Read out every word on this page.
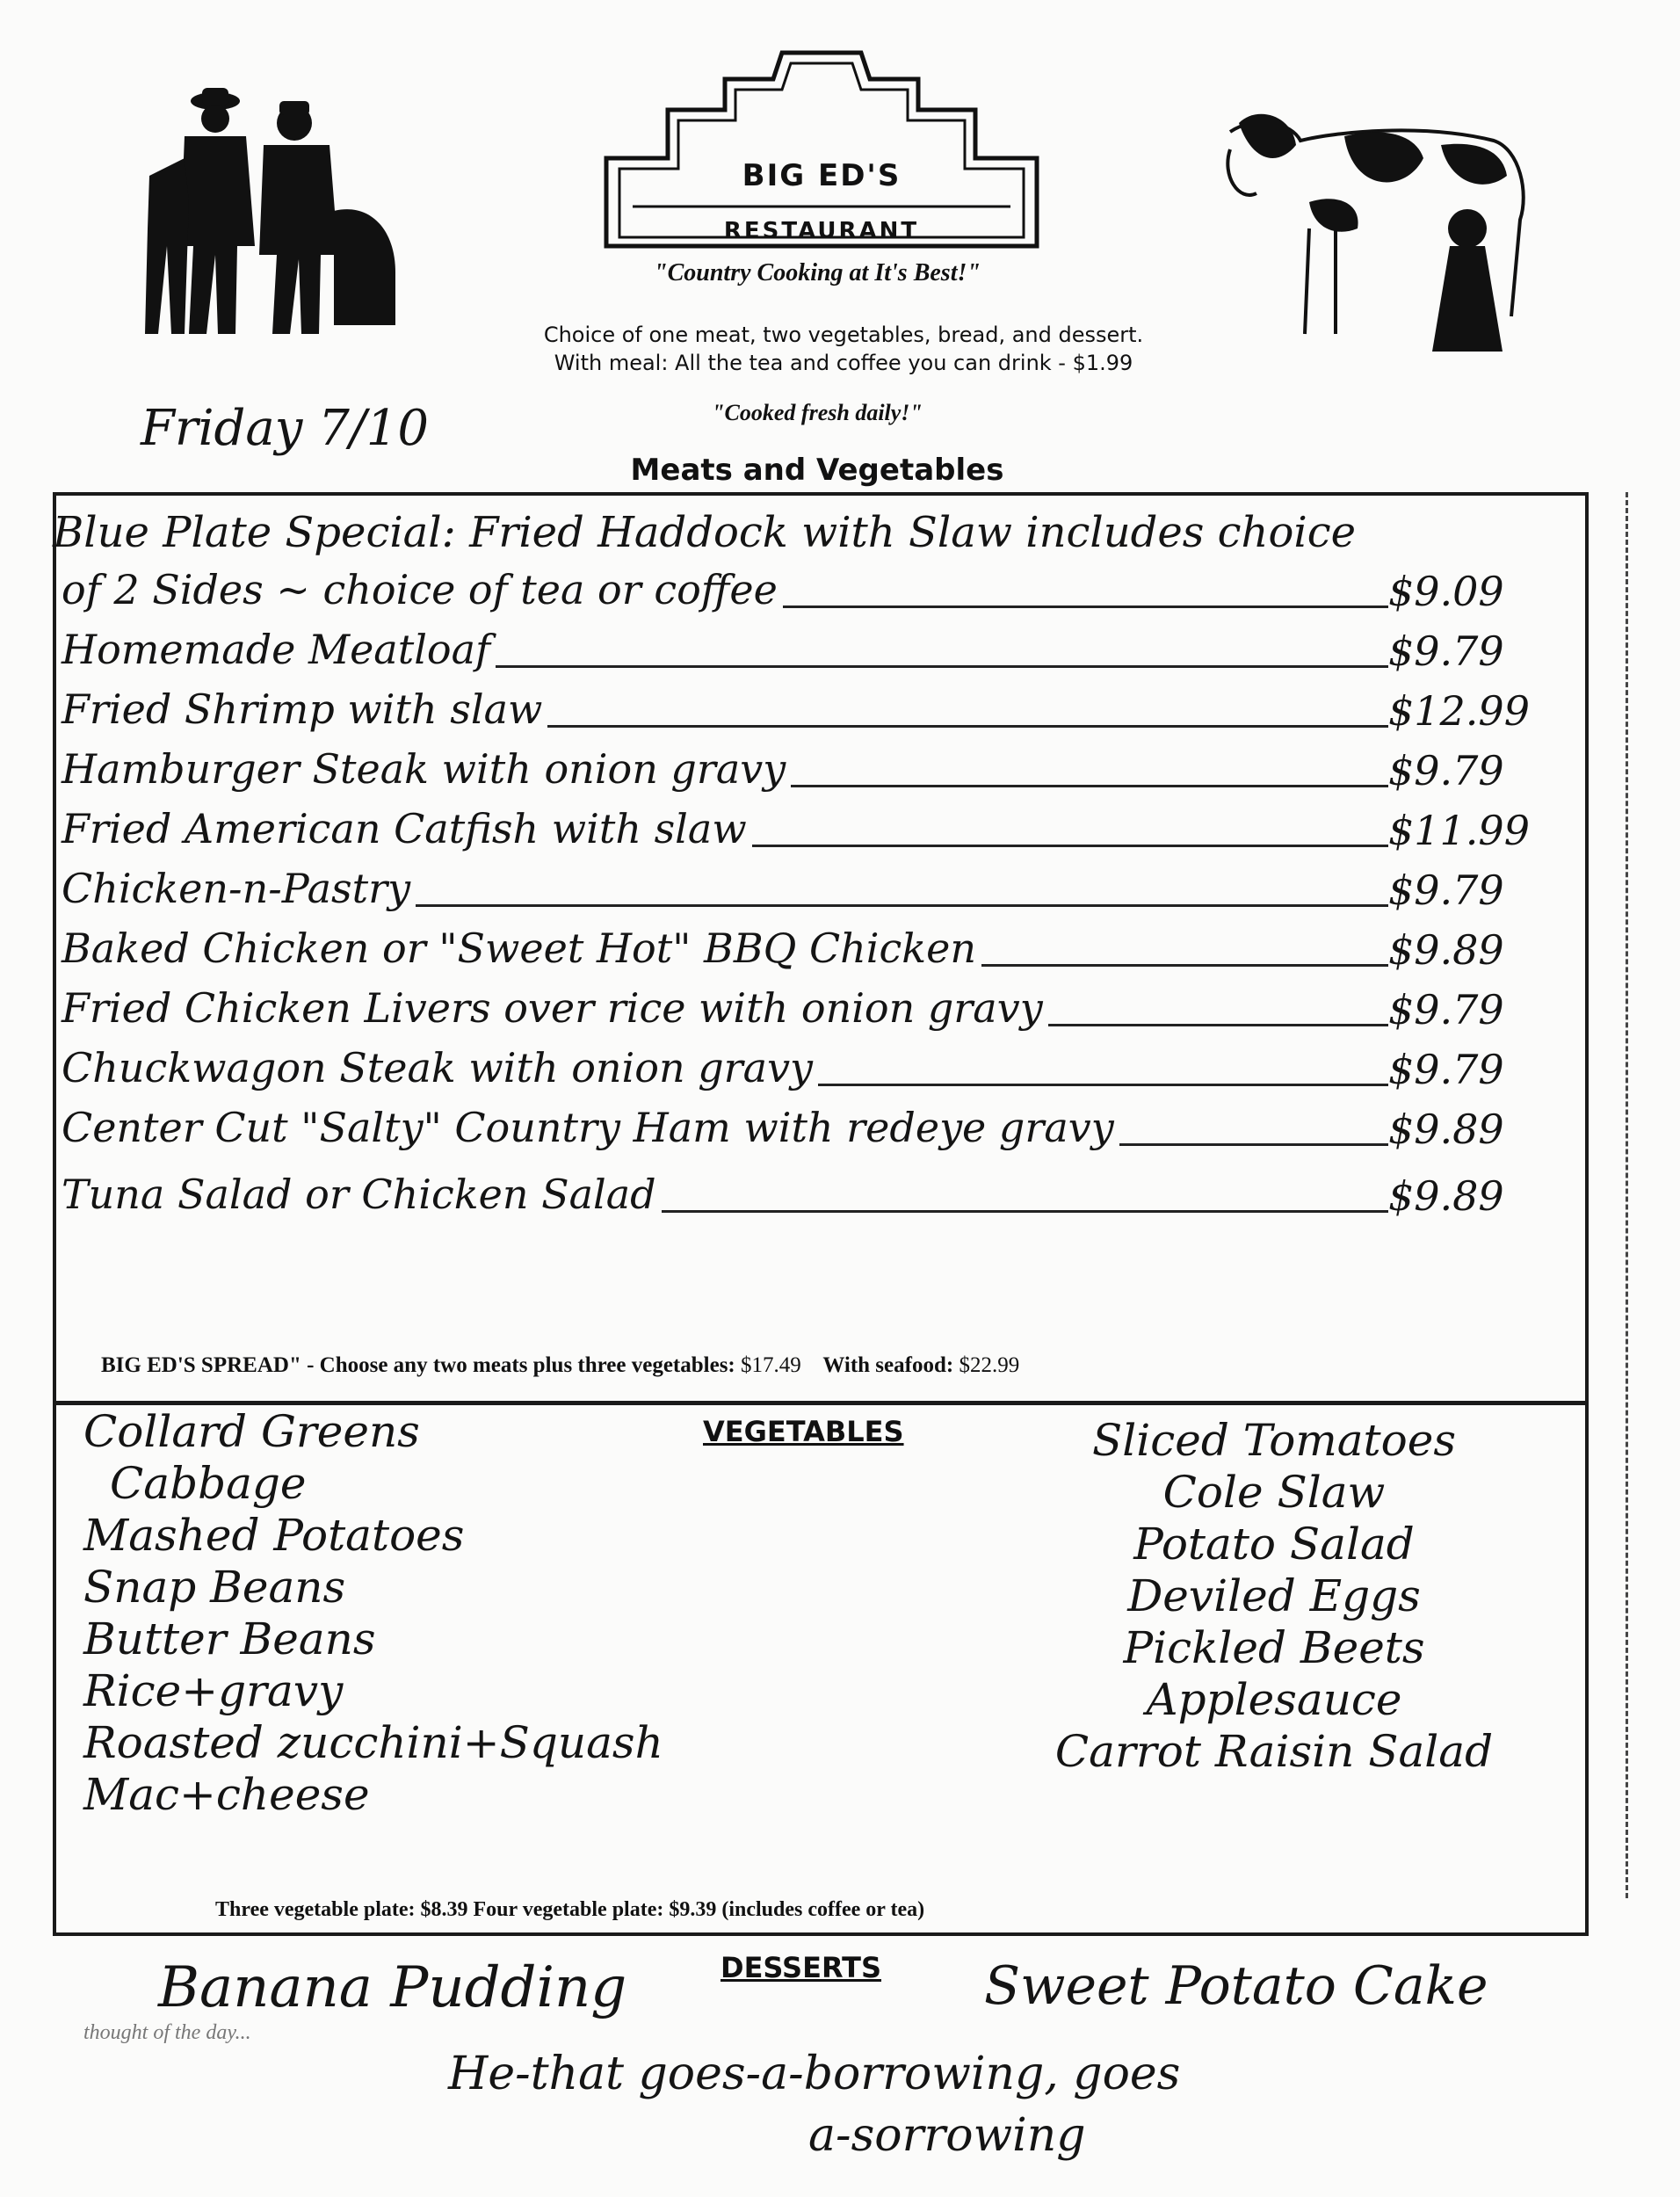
BIG ED'S
RESTAURANT
"Country Cooking at It's Best!"
Choice of one meat, two vegetables, bread, and dessert.
With meal: All the tea and coffee you can drink - $1.99
Friday 7/10	"Cooked fresh daily!"
Meats and Vegetables
Blue Plate Special: Fried Haddock with Slaw includes choice
of 2 Sides ~ choice of tea or coffee	$9.09
Homemade Meatloaf	$9.79
Fried Shrimp with slaw	$12.99
Hamburger Steak with onion gravy	$9.79
Fried American Catfish with slaw	$11.99
Chicken-n-Pastry	$9.79
Baked Chicken or "Sweet Hot" BBQ Chicken	$9.89
Fried Chicken Livers over rice with onion gravy	$9.79
Chuckwagon Steak with onion gravy	$9.79
Center Cut "Salty" Country Ham with redeye gravy	$9.89
Tuna Salad or Chicken Salad	$9.89
BIG ED'S SPREAD" - Choose any two meats plus three vegetables: $17.49 With seafood: $22.99
VEGETABLES
Collard Greens
Cabbage
Mashed Potatoes
Snap Beans
Butter Beans
Rice+gravy
Roasted zucchini+Squash
Mac+cheese
Sliced Tomatoes
Cole Slaw
Potato Salad
Deviled Eggs
Pickled Beets
Applesauce
Carrot Raisin Salad
Three vegetable plate: $8.39 Four vegetable plate: $9.39 (includes coffee or tea)
Banana Pudding	DESSERTS Sweet Potato Cake
thought of the day...
He-that goes-a-borrowing, goes
a-sorrowing
